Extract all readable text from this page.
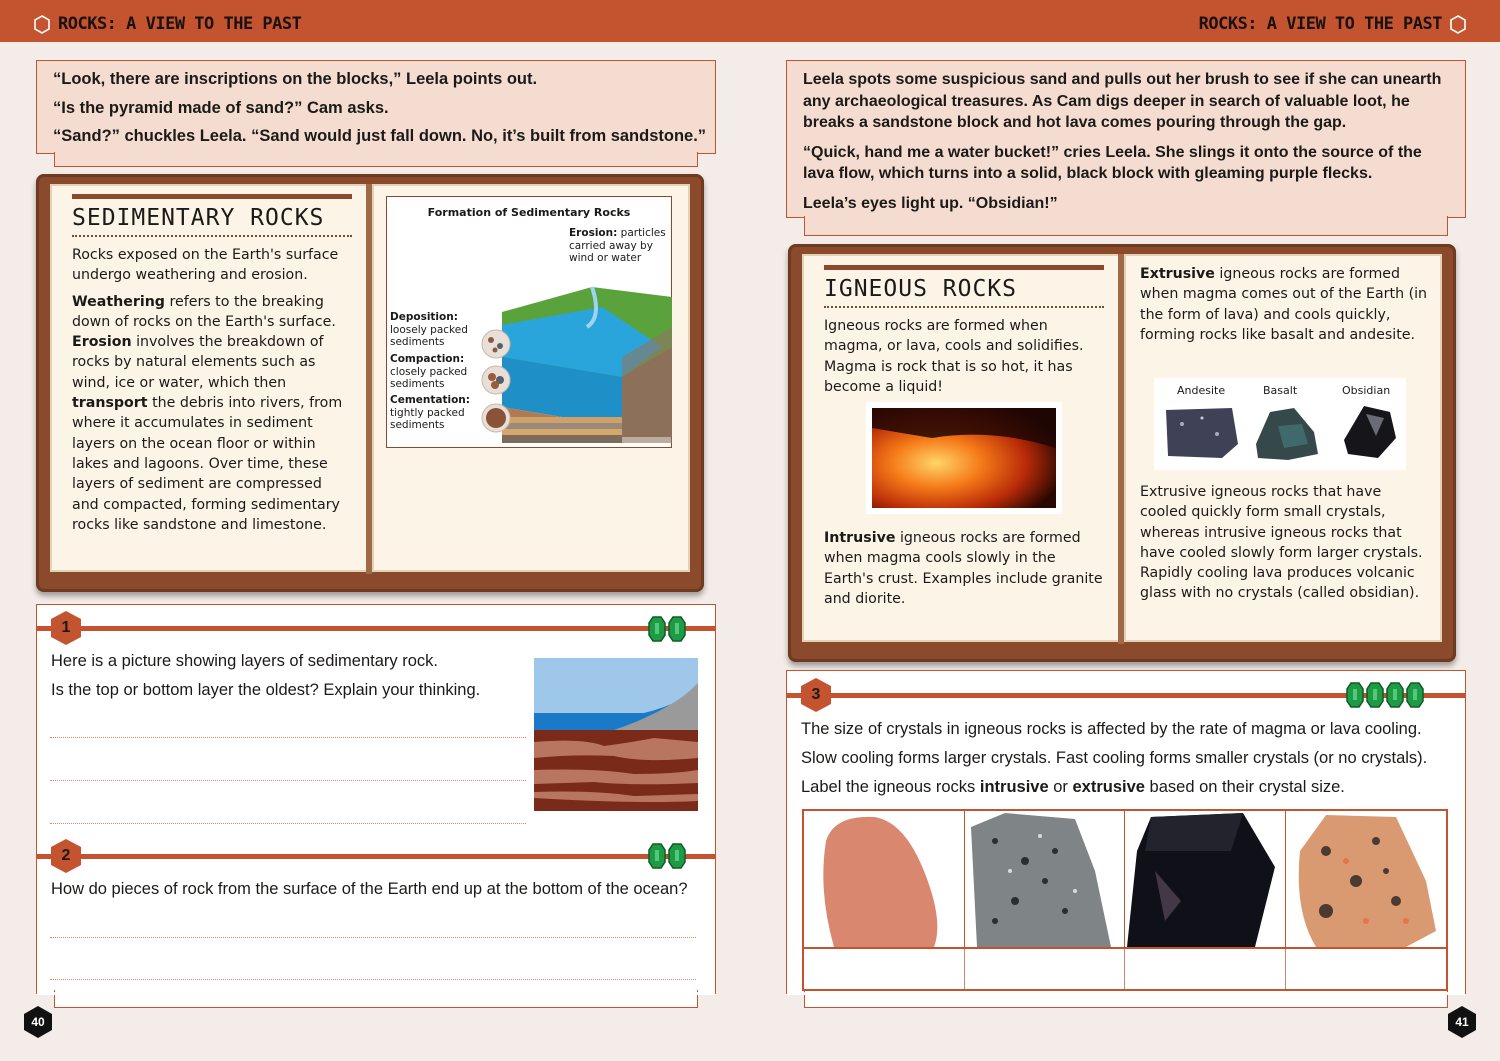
ROCKS: A VIEW TO THE PAST

“Look, there are inscriptions on the blocks,” Leela points out.

“Is the pyramid made of sand?” Cam asks.

“Sand?” chuckles Leela. “Sand would just fall down. No, it’s built from sandstone.”

SEDIMENTARY ROCKS

Rocks exposed on the Earth's surface undergo weathering and erosion.

Weathering refers to the breaking down of rocks on the Earth's surface. Erosion involves the breakdown of rocks by natural elements such as wind, ice or water, which then transport the debris into rivers, from where it accumulates in sediment layers on the ocean floor or within lakes and lagoons. Over time, these layers of sediment are compressed and compacted, forming sedimentary rocks like sandstone and limestone.

Formation of Sedimentary Rocks
Erosion: particles carried away by wind or water
Deposition:
loosely packed sediments
Compaction:
closely packed sediments
Cementation:
tightly packed sediments
1
Here is a picture showing layers of sedimentary rock.
Is the top or bottom layer the oldest? Explain your thinking.
2
How do pieces of rock from the surface of the Earth end up at the bottom of the ocean?
40
ROCKS: A VIEW TO THE PAST

Leela spots some suspicious sand and pulls out her brush to see if she can unearth any archaeological treasures. As Cam digs deeper in search of valuable loot, he breaks a sandstone block and hot lava comes pouring through the gap.

“Quick, hand me a water bucket!” cries Leela. She slings it onto the source of the lava flow, which turns into a solid, black block with gleaming purple flecks.

Leela’s eyes light up. “Obsidian!”

IGNEOUS ROCKS
Igneous rocks are formed when magma, or lava, cools and solidifies. Magma is rock that is so hot, it has become a liquid!
Intrusive igneous rocks are formed when magma cools slowly in the Earth's crust. Examples include granite and diorite.
Extrusive igneous rocks are formed when magma comes out of the Earth (in the form of lava) and cools quickly, forming rocks like basalt and andesite.
Andesite	Basalt	Obsidian
Extrusive igneous rocks that have cooled quickly form small crystals, whereas intrusive igneous rocks that have cooled slowly form larger crystals. Rapidly cooling lava produces volcanic glass with no crystals (called obsidian).
3
The size of crystals in igneous rocks is affected by the rate of magma or lava cooling.
Slow cooling forms larger crystals. Fast cooling forms smaller crystals (or no crystals).
Label the igneous rocks intrusive or extrusive based on their crystal size.
41
